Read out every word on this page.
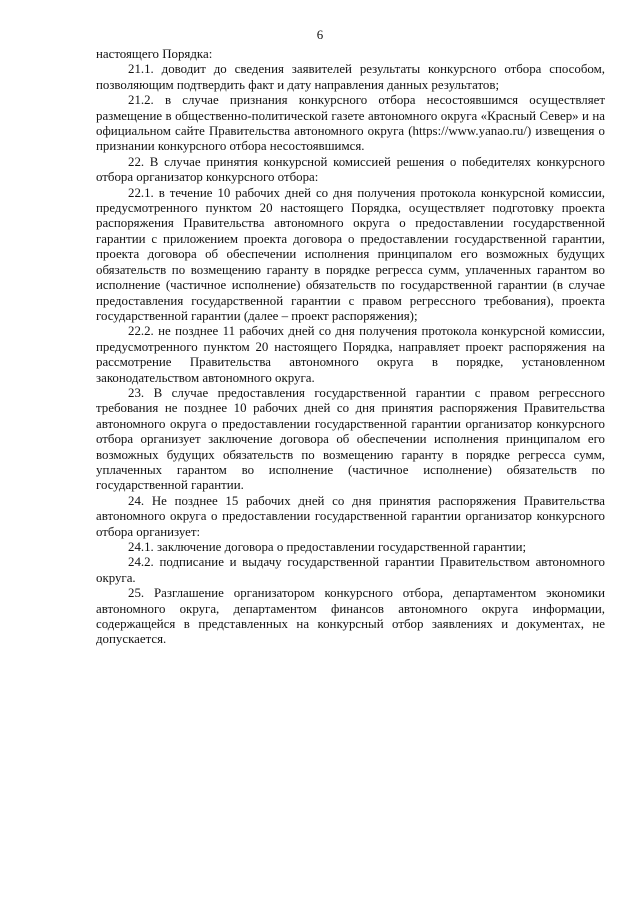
6

настоящего Порядка:

21.1. доводит до сведения заявителей результаты конкурсного отбора способом, позволяющим подтвердить факт и дату направления данных результатов;

21.2. в случае признания конкурсного отбора несостоявшимся осуществляет размещение в общественно-политической газете автономного округа «Красный Север» и на официальном сайте Правительства автономного округа (https://www.yanao.ru/) извещения о признании конкурсного отбора несостоявшимся.

22. В случае принятия конкурсной комиссией решения о победителях конкурсного отбора организатор конкурсного отбора:

22.1. в течение 10 рабочих дней со дня получения протокола конкурсной комиссии, предусмотренного пунктом 20 настоящего Порядка, осуществляет подготовку проекта распоряжения Правительства автономного округа о предоставлении государственной гарантии с приложением проекта договора о предоставлении государственной гарантии, проекта договора об обеспечении исполнения принципалом его возможных будущих обязательств по возмещению гаранту в порядке регресса сумм, уплаченных гарантом во исполнение (частичное исполнение) обязательств по государственной гарантии (в случае предоставления государственной гарантии с правом регрессного требования), проекта государственной гарантии (далее – проект распоряжения);

22.2. не позднее 11 рабочих дней со дня получения протокола конкурсной комиссии, предусмотренного пунктом 20 настоящего Порядка, направляет проект распоряжения на рассмотрение Правительства автономного округа в порядке, установленном законодательством автономного округа.

23. В случае предоставления государственной гарантии с правом регрессного требования не позднее 10 рабочих дней со дня принятия распоряжения Правительства автономного округа о предоставлении государственной гарантии организатор конкурсного отбора организует заключение договора об обеспечении исполнения принципалом его возможных будущих обязательств по возмещению гаранту в порядке регресса сумм, уплаченных гарантом во исполнение (частичное исполнение) обязательств по государственной гарантии.

24. Не позднее 15 рабочих дней со дня принятия распоряжения Правительства автономного округа о предоставлении государственной гарантии организатор конкурсного отбора организует:

24.1. заключение договора о предоставлении государственной гарантии;

24.2. подписание и выдачу государственной гарантии Правительством автономного округа.

25. Разглашение организатором конкурсного отбора, департаментом экономики автономного округа, департаментом финансов автономного округа информации, содержащейся в представленных на конкурсный отбор заявлениях и документах, не допускается.
